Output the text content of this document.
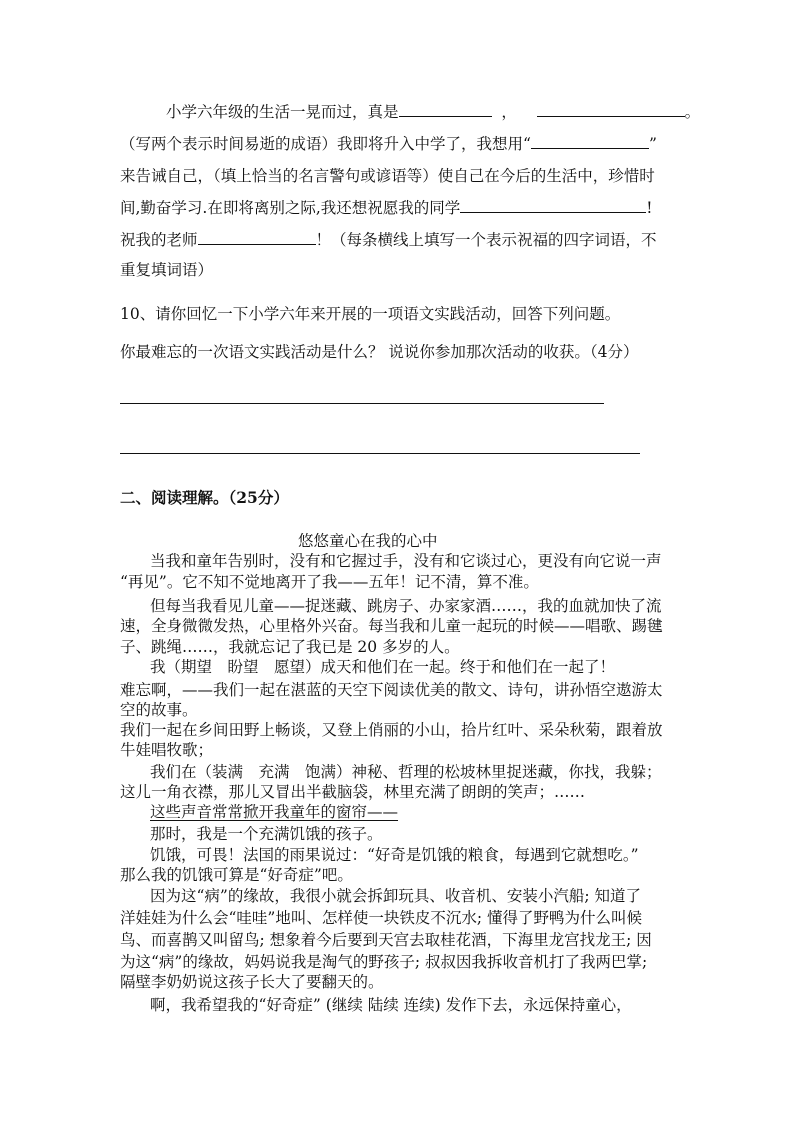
小学六年级的生活一晃而过，真是	，	。
（写两个表示时间易逝的成语）我即将升入中学了，我想用“	”
来告诫自己，（填上恰当的名言警句或谚语等）使自己在今后的生活中，珍惜时
间,勤奋学习.在即将离别之际,我还想祝愿我的同学	!
祝我的老师	！（每条横线上填写一个表示祝福的四字词语，不
重复填词语）
10、请你回忆一下小学六年来开展的一项语文实践活动，回答下列问题。
你最难忘的一次语文实践活动是什么？ 说说你参加那次活动的收获。（4分）
二、阅读理解。（25分）
悠悠童心在我的心中
当我和童年告别时，没有和它握过手，没有和它谈过心，更没有向它说一声
“再见”。它不知不觉地离开了我——五年！记不清，算不准。
但每当我看见儿童——捉迷藏、跳房子、办家家酒……，我的血就加快了流
速，全身微微发热，心里格外兴奋。每当我和儿童一起玩的时候——唱歌、踢毽
子、跳绳……，我就忘记了我已是 20 多岁的人。
我（期望　盼望　愿望）成天和他们在一起。终于和他们在一起了！
难忘啊，——我们一起在湛蓝的天空下阅读优美的散文、诗句，讲孙悟空遨游太
空的故事。
我们一起在乡间田野上畅谈，又登上俏丽的小山，拾片红叶、采朵秋菊，跟着放
牛娃唱牧歌；
我们在（装满　充满　饱满）神秘、哲理的松坡林里捉迷藏，你找，我躲；
这儿一角衣襟，那儿又冒出半截脑袋，林里充满了朗朗的笑声；……
这些声音常常掀开我童年的窗帘——
那时，我是一个充满饥饿的孩子。
饥饿，可畏！法国的雨果说过：“好奇是饥饿的粮食，每遇到它就想吃。”
那么我的饥饿可算是“好奇症”吧。
因为这“病”的缘故，我很小就会拆卸玩具、收音机、安装小汽船; 知道了
洋娃娃为什么会“哇哇”地叫、怎样使一块铁皮不沉水; 懂得了野鸭为什么叫候
鸟、而喜鹊又叫留鸟; 想象着今后要到天宫去取桂花酒，下海里龙宫找龙王; 因
为这“病”的缘故，妈妈说我是淘气的野孩子; 叔叔因我拆收音机打了我两巴掌;
隔壁李奶奶说这孩子长大了要翻天的。
啊，我希望我的“好奇症” (继续 陆续 连续) 发作下去，永远保持童心，
